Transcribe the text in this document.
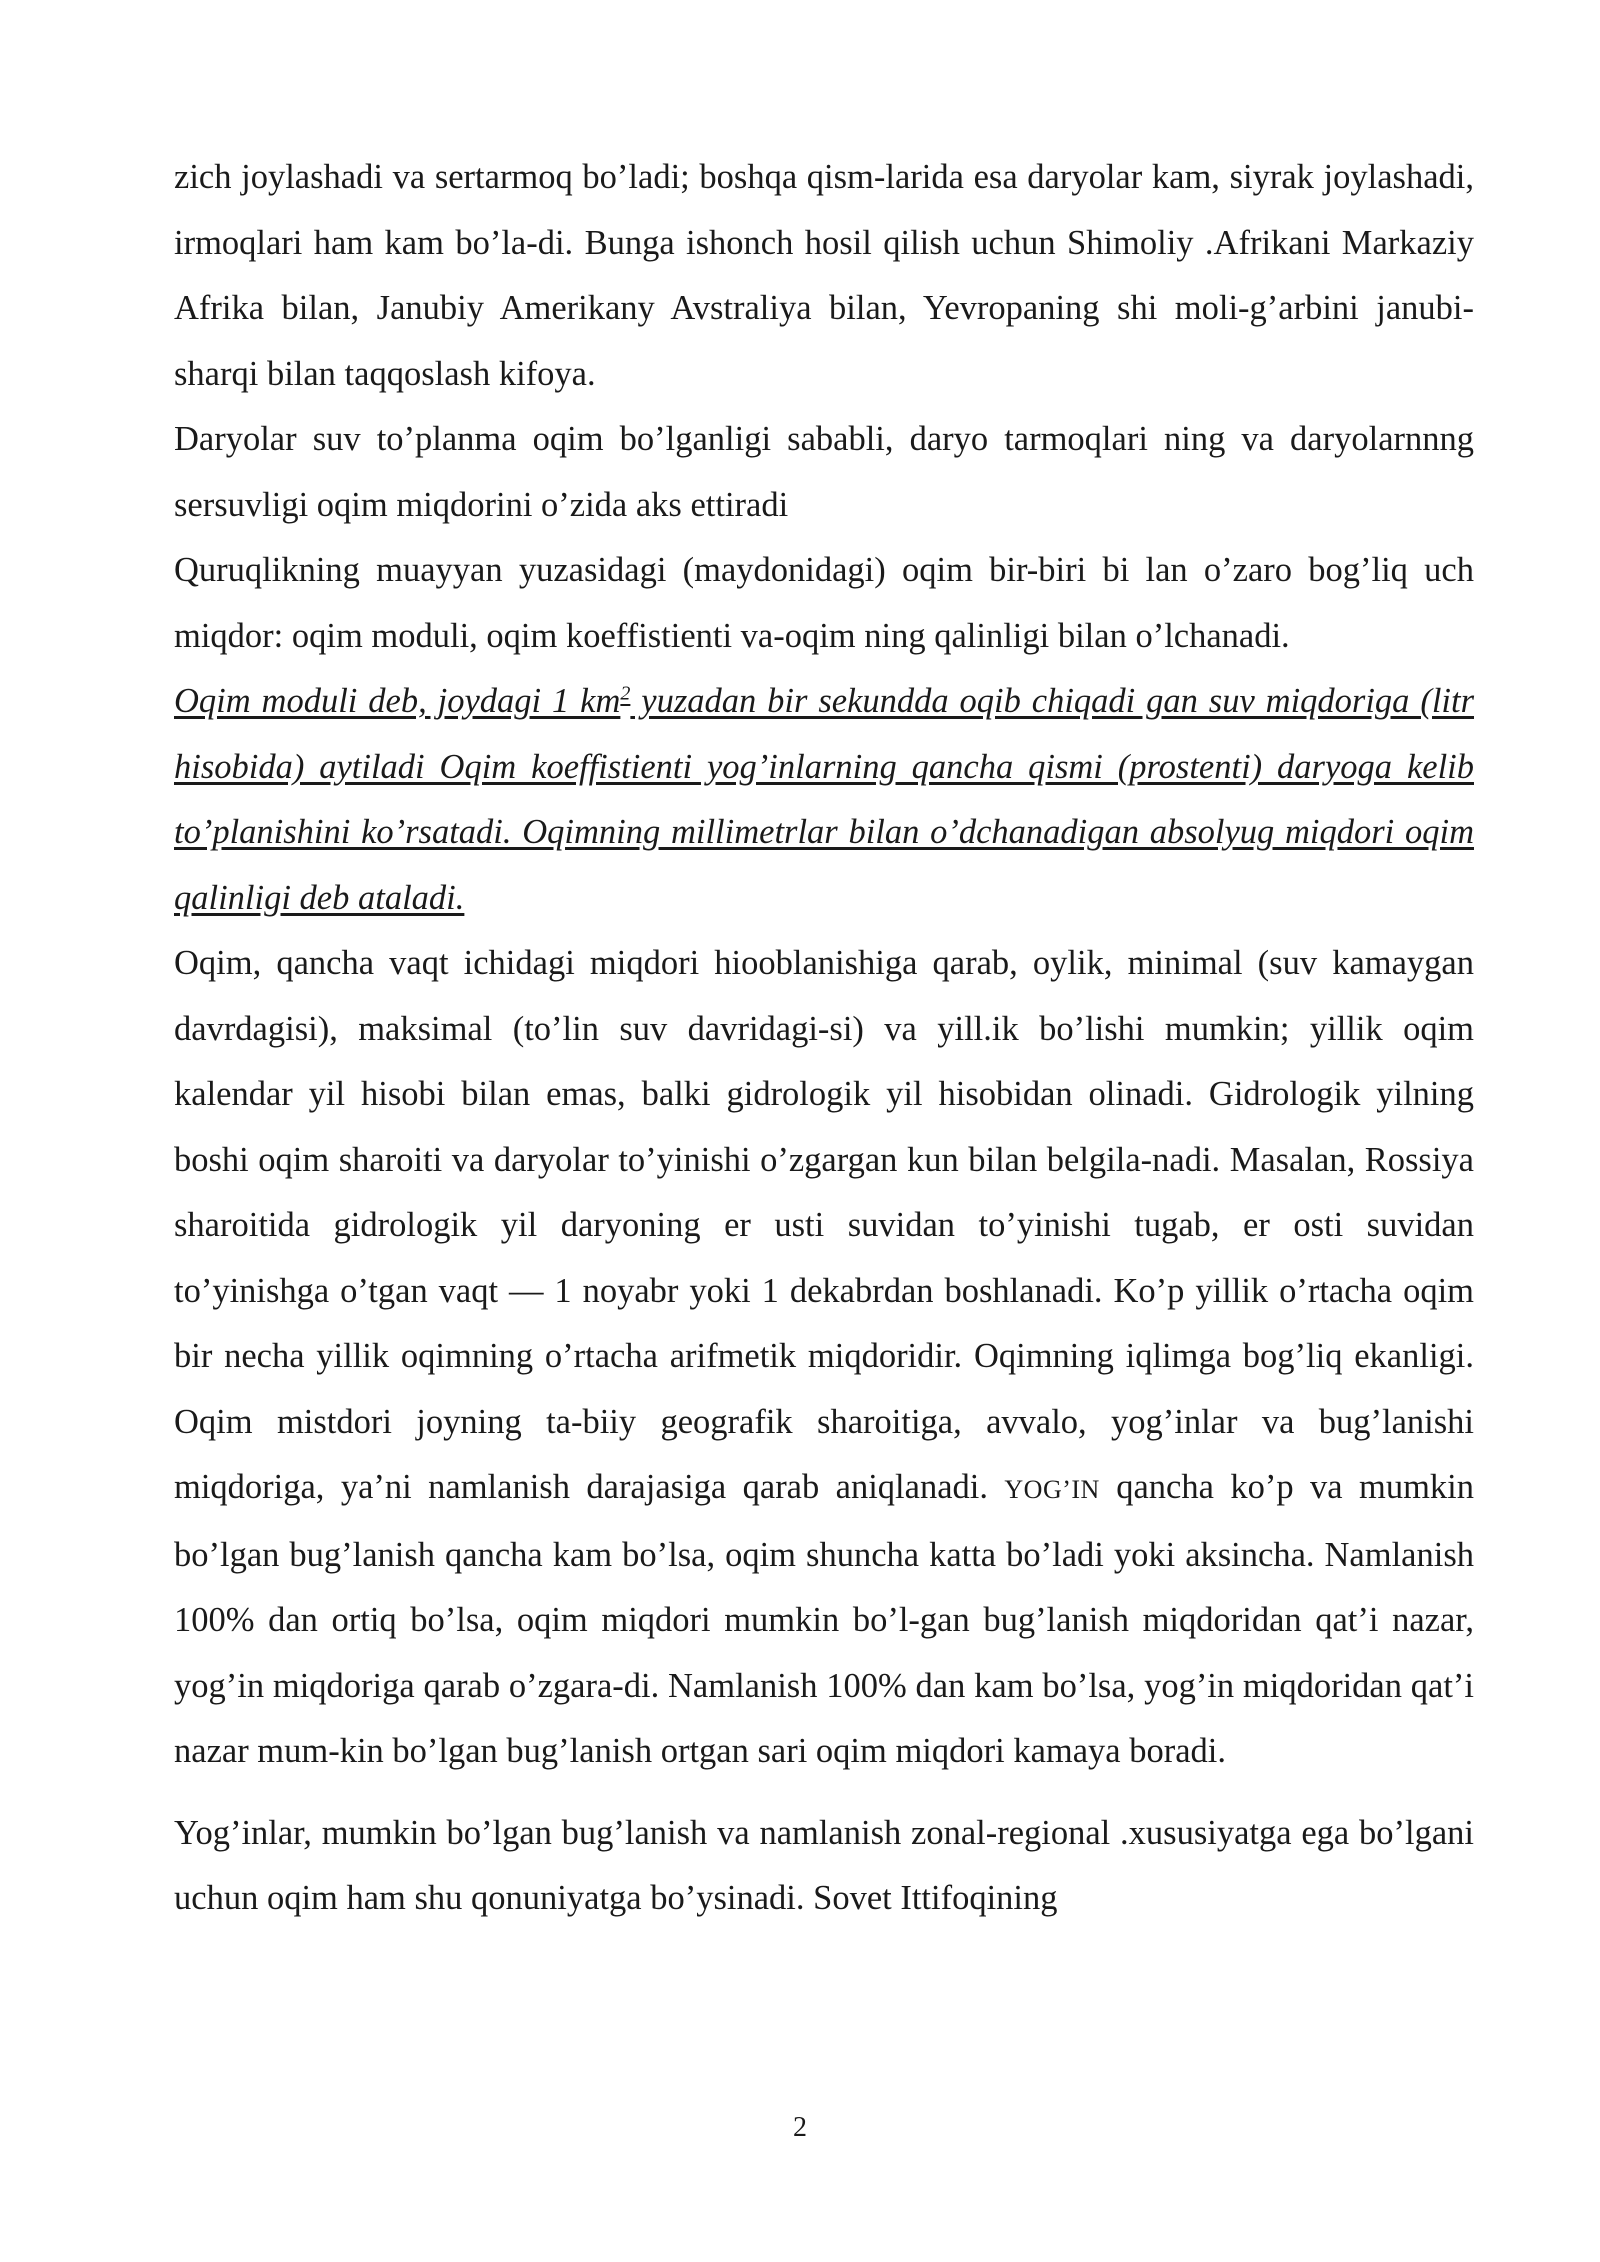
zich joylashadi va sertarmoq bo’ladi; boshqa qism-larida esa daryolar kam, siyrak joylashadi, irmoqlari ham kam bo’la-di. Bunga ishonch hosil qilish uchun Shimoliy .Afrikani Markaziy Afrika bilan, Janubiy Amerikany Avstraliya bilan, Yevropaning shi moli-g’arbini janubi-sharqi bilan taqqoslash kifoya.

Daryolar suv to’planma oqim bo’lganligi sababli, daryo tarmoqlari ning va daryolarnnng sersuvligi oqim miqdorini o’zida aks ettiradi

Quruqlikning muayyan yuzasidagi (maydonidagi) oqim bir-biri bi lan o’zaro bog’liq uch miqdor: oqim moduli, oqim koeffistienti va-oqim ning qalinligi bilan o’lchanadi.

Oqim moduli deb, joydagi 1 $km^2$ yuzadan bir sekundda oqib chiqadi gan suv miqdoriga (litr hisobida) aytiladi Oqim koeffistienti yog’inlarning qancha qismi (prostenti) daryoga kelib to’planishini ko’rsatadi. Oqimning millimetrlar bilan o’dchanadigan absolyug miqdori oqim qalinligi deb ataladi.

Oqim, qancha vaqt ichidagi miqdori hiooblanishiga qarab, oylik, minimal (suv kamaygan davrdagisi), maksimal (to’lin suv davridagi-si) va yill.ik bo’lishi mumkin; yillik oqim kalendar yil hisobi bilan emas, balki gidrologik yil hisobidan olinadi. Gidrologik yilning boshi oqim sharoiti va daryolar to’yinishi o’zgargan kun bilan belgila-nadi. Masalan, Rossiya sharoitida gidrologik yil daryoning er usti suvidan to’yinishi tugab, er osti suvidan to’yinishga o’tgan vaqt — 1 noyabr yoki 1 dekabrdan boshlanadi. Ko’p yillik o’rtacha oqim bir necha yillik oqimning o’rtacha arifmetik miqdoridir. Oqimning iqlimga bog’liq ekanligi. Oqim mistdori joyning ta-biiy geografik sharoitiga, avvalo, yog’inlar va bug’lanishi miqdoriga, ya’ni namlanish darajasiga qarab aniqlanadi. YOG’IN qancha ko’p va mumkin bo’lgan bug’lanish qancha kam bo’lsa, oqim shuncha katta bo’ladi yoki aksincha. Namlanish 100% dan ortiq bo’lsa, oqim miqdori mumkin bo’l-gan bug’lanish miqdoridan qat’i nazar, yog’in miqdoriga qarab o’zgara-di. Namlanish 100% dan kam bo’lsa, yog’in miqdoridan qat’i nazar mum-kin bo’lgan bug’lanish ortgan sari oqim miqdori kamaya boradi.

Yog’inlar, mumkin bo’lgan bug’lanish va namlanish zonal-regional .xususiyatga ega bo’lgani uchun oqim ham shu qonuniyatga bo’ysinadi. Sovet Ittifoqining

2
